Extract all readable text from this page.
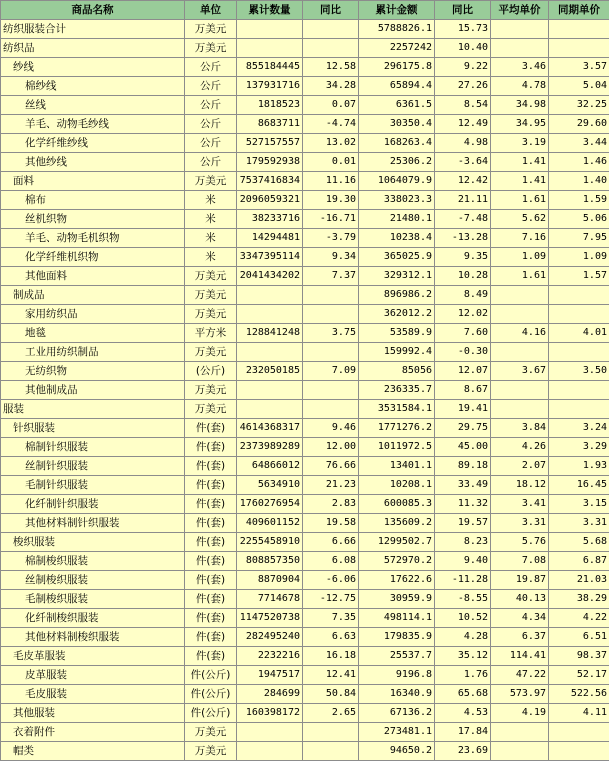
商品名称	单位	累计数量	同比	累计金额	同比	平均单价	同期单价
纺织服装合计	万美元			5788826.1	15.73		
纺织品	万美元			2257242	10.40		
纱线	公斤	855184445	12.58	296175.8	9.22	3.46	3.57
棉纱线	公斤	137931716	34.28	65894.4	27.26	4.78	5.04
丝线	公斤	1818523	0.07	6361.5	8.54	34.98	32.25
羊毛、动物毛纱线	公斤	8683711	-4.74	30350.4	12.49	34.95	29.60
化学纤维纱线	公斤	527157557	13.02	168263.4	4.98	3.19	3.44
其他纱线	公斤	179592938	0.01	25306.2	-3.64	1.41	1.46
面料	万美元	7537416834	11.16	1064079.9	12.42	1.41	1.40
棉布	米	2096059321	19.30	338023.3	21.11	1.61	1.59
丝机织物	米	38233716	-16.71	21480.1	-7.48	5.62	5.06
羊毛、动物毛机织物	米	14294481	-3.79	10238.4	-13.28	7.16	7.95
化学纤维机织物	米	3347395114	9.34	365025.9	9.35	1.09	1.09
其他面料	万美元	2041434202	7.37	329312.1	10.28	1.61	1.57
制成品	万美元			896986.2	8.49		
家用纺织品	万美元			362012.2	12.02		
地毯	平方米	128841248	3.75	53589.9	7.60	4.16	4.01
工业用纺织制品	万美元			159992.4	-0.30		
无纺织物	(公斤)	232050185	7.09	85056	12.07	3.67	3.50
其他制成品	万美元			236335.7	8.67		
服装	万美元			3531584.1	19.41		
针织服装	件(套)	4614368317	9.46	1771276.2	29.75	3.84	3.24
棉制针织服装	件(套)	2373989289	12.00	1011972.5	45.00	4.26	3.29
丝制针织服装	件(套)	64866012	76.66	13401.1	89.18	2.07	1.93
毛制针织服装	件(套)	5634910	21.23	10208.1	33.49	18.12	16.45
化纤制针织服装	件(套)	1760276954	2.83	600085.3	11.32	3.41	3.15
其他材料制针织服装	件(套)	409601152	19.58	135609.2	19.57	3.31	3.31
梭织服装	件(套)	2255458910	6.66	1299502.7	8.23	5.76	5.68
棉制梭织服装	件(套)	808857350	6.08	572970.2	9.40	7.08	6.87
丝制梭织服装	件(套)	8870904	-6.06	17622.6	-11.28	19.87	21.03
毛制梭织服装	件(套)	7714678	-12.75	30959.9	-8.55	40.13	38.29
化纤制梭织服装	件(套)	1147520738	7.35	498114.1	10.52	4.34	4.22
其他材料制梭织服装	件(套)	282495240	6.63	179835.9	4.28	6.37	6.51
毛皮革服装	件(套)	2232216	16.18	25537.7	35.12	114.41	98.37
皮革服装	件(公斤)	1947517	12.41	9196.8	1.76	47.22	52.17
毛皮服装	件(公斤)	284699	50.84	16340.9	65.68	573.97	522.56
其他服装	件(公斤)	160398172	2.65	67136.2	4.53	4.19	4.11
衣着附件	万美元			273481.1	17.84		
帽类	万美元			94650.2	23.69		
